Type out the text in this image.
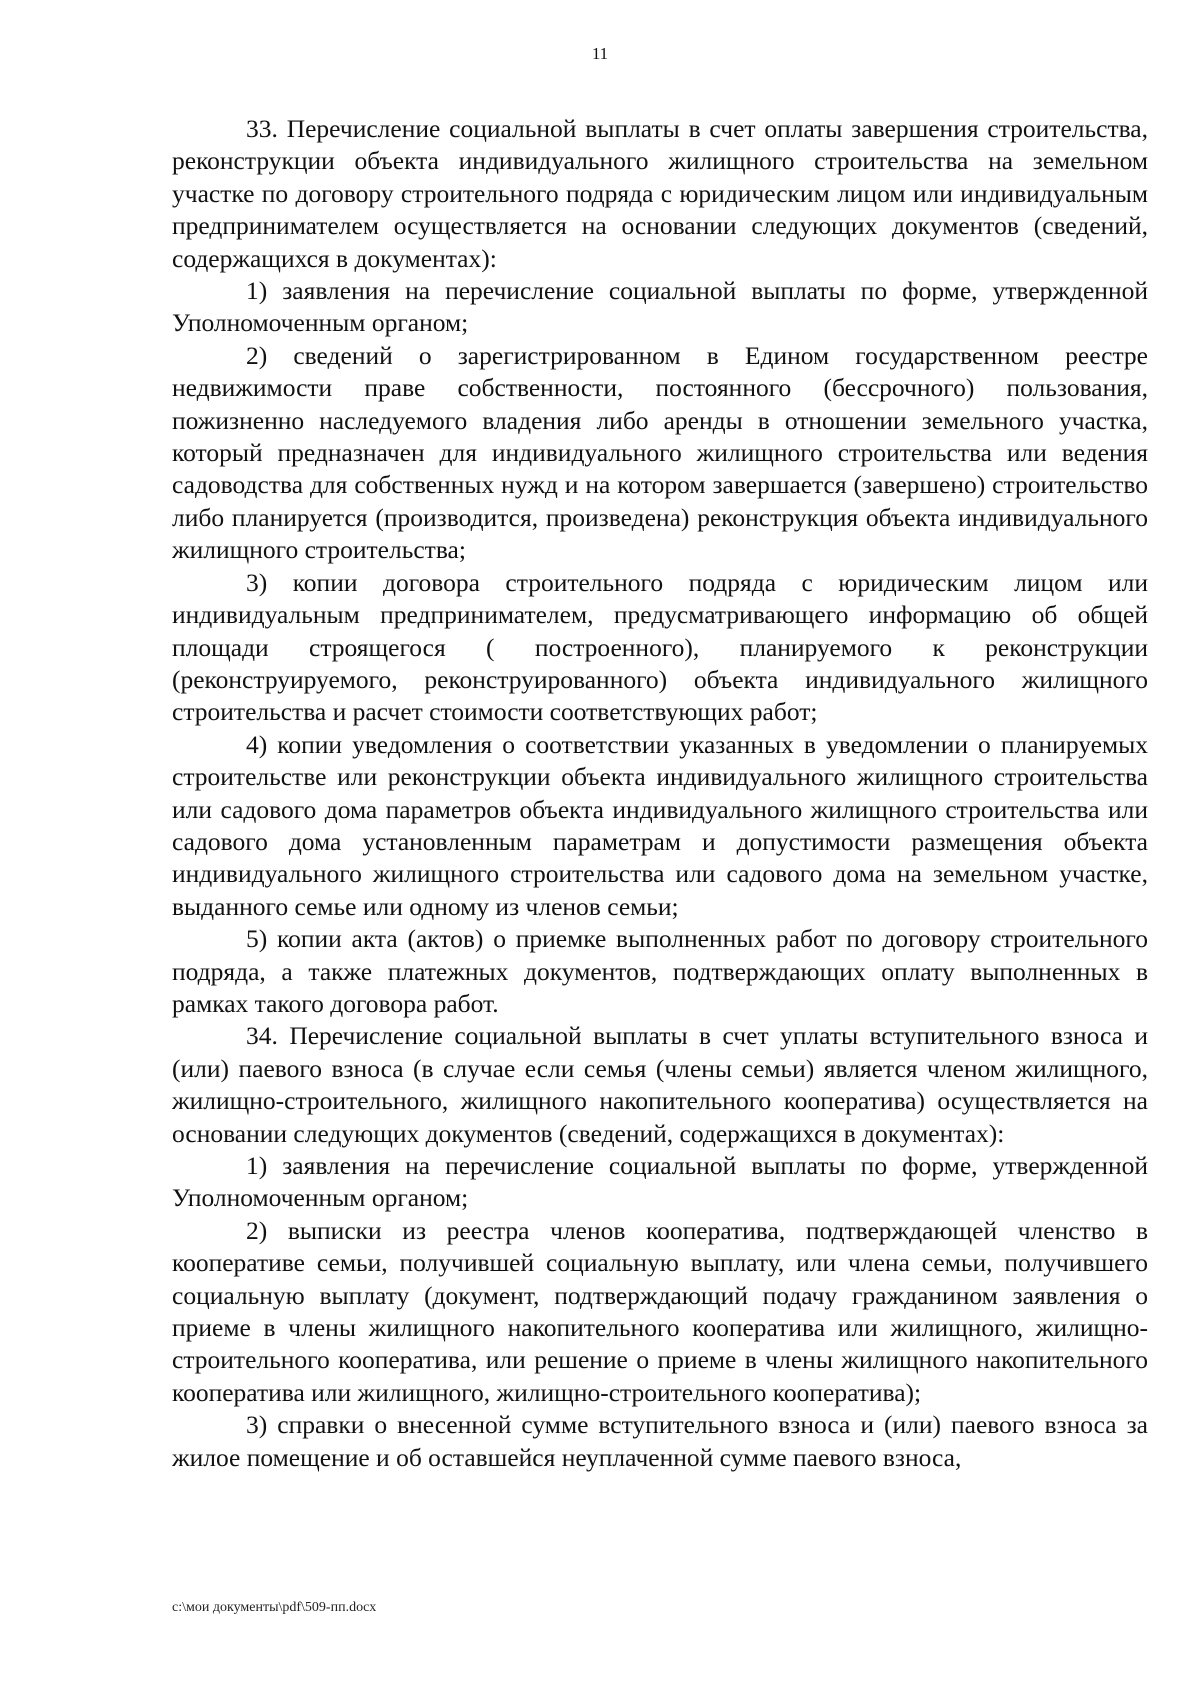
11

33. Перечисление социальной выплаты в счет оплаты завершения строительства, реконструкции объекта индивидуального жилищного строительства на земельном участке по договору строительного подряда с юридическим лицом или индивидуальным предпринимателем осуществляется на основании следующих документов (сведений, содержащихся в документах):

1) заявления на перечисление социальной выплаты по форме, утвержденной Уполномоченным органом;

2) сведений о зарегистрированном в Едином государственном реестре недвижимости праве собственности, постоянного (бессрочного) пользования, пожизненно наследуемого владения либо аренды в отношении земельного участка, который предназначен для индивидуального жилищного строительства или ведения садоводства для собственных нужд и на котором завершается (завершено) строительство либо планируется (производится, произведена) реконструкция объекта индивидуального жилищного строительства;

3) копии договора строительного подряда с юридическим лицом или индивидуальным предпринимателем, предусматривающего информацию об общей площади строящегося ( построенного), планируемого к реконструкции (реконструируемого, реконструированного) объекта индивидуального жилищного строительства и расчет стоимости соответствующих работ;

4) копии уведомления о соответствии указанных в уведомлении о планируемых строительстве или реконструкции объекта индивидуального жилищного строительства или садового дома параметров объекта индивидуального жилищного строительства или садового дома установленным параметрам и допустимости размещения объекта индивидуального жилищного строительства или садового дома на земельном участке, выданного семье или одному из членов семьи;

5) копии акта (актов) о приемке выполненных работ по договору строительного подряда, а также платежных документов, подтверждающих оплату выполненных в рамках такого договора работ.

34. Перечисление социальной выплаты в счет уплаты вступительного взноса и (или) паевого взноса (в случае если семья (члены семьи) является членом жилищного, жилищно-строительного, жилищного накопительного кооператива) осуществляется на основании следующих документов (сведений, содержащихся в документах):

1) заявления на перечисление социальной выплаты по форме, утвержденной Уполномоченным органом;

2) выписки из реестра членов кооператива, подтверждающей членство в кооперативе семьи, получившей социальную выплату, или члена семьи, получившего социальную выплату (документ, подтверждающий подачу гражданином заявления о приеме в члены жилищного накопительного кооператива или жилищного, жилищно-строительного кооператива, или решение о приеме в члены жилищного накопительного кооператива или жилищного, жилищно-строительного кооператива);

3) справки о внесенной сумме вступительного взноса и (или) паевого взноса за жилое помещение и об оставшейся неуплаченной сумме паевого взноса,

c:\мои документы\pdf\509-пп.docx
